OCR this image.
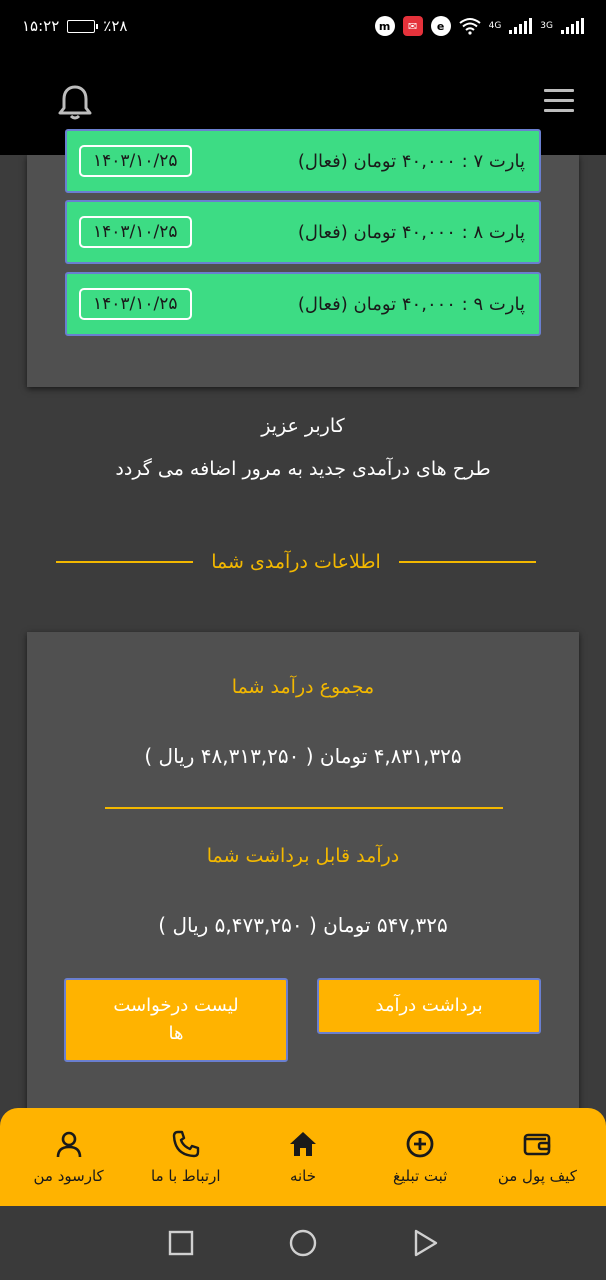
۱۵:۲۲	٪۲۸	m	✉	e	4G	3G
۱۴۰۳/۱۰/۲۵	پارت ۷ : ۴۰,۰۰۰ تومان (فعال)
۱۴۰۳/۱۰/۲۵	پارت ۸ : ۴۰,۰۰۰ تومان (فعال)
۱۴۰۳/۱۰/۲۵	پارت ۹ : ۴۰,۰۰۰ تومان (فعال)
کاربر عزیز
طرح های درآمدی جدید به مرور اضافه می گردد
اطلاعات درآمدی شما
مجموع درآمد شما
۴,۸۳۱,۳۲۵ تومان ( ۴۸,۳۱۳,۲۵۰ ریال )
درآمد قابل برداشت شما
۵۴۷,۳۲۵ تومان ( ۵,۴۷۳,۲۵۰ ریال )
برداشت درآمد
لیست درخواست
ها
کیف پول من
ثبت تبلیغ
خانه
ارتباط با ما
کارسود من
